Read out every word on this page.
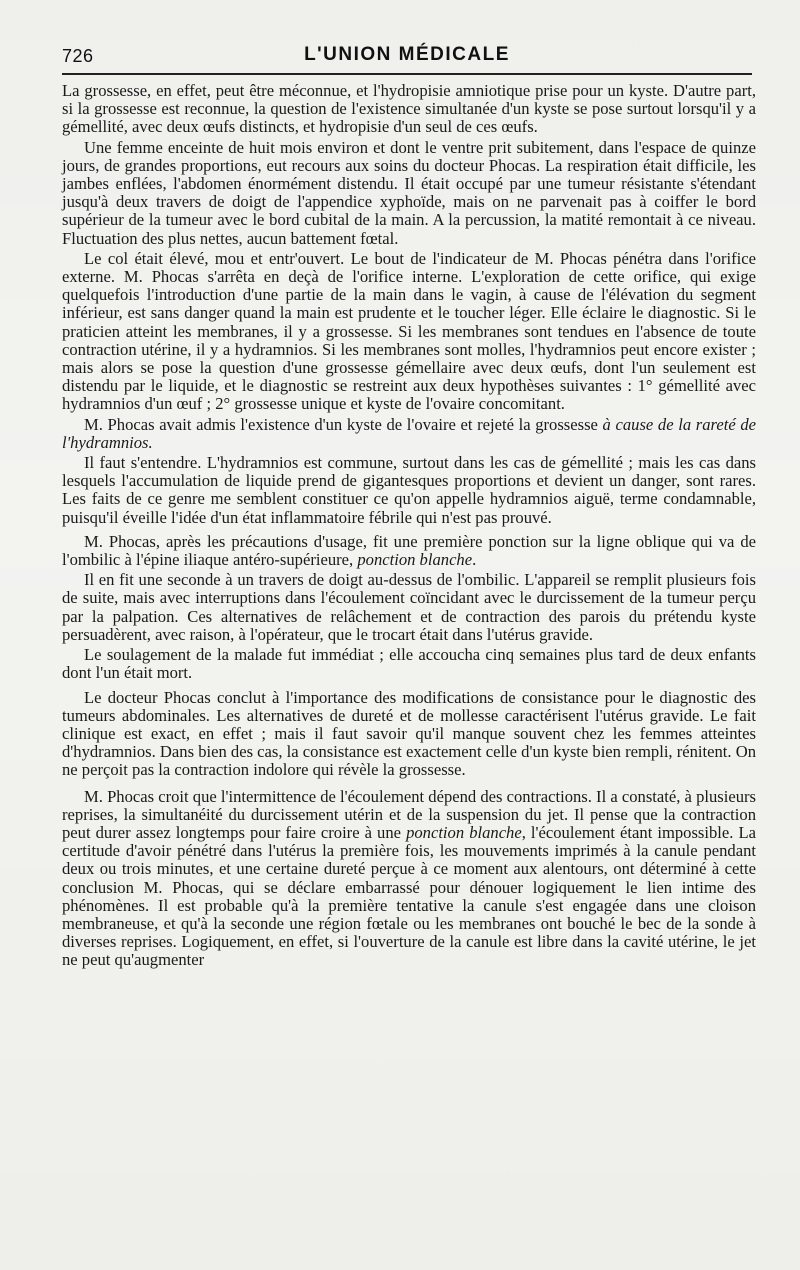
726	L'UNION MÉDICALE

La grossesse, en effet, peut être méconnue, et l'hydropisie amniotique prise pour un kyste. D'autre part, si la grossesse est reconnue, la question de l'existence simultanée d'un kyste se pose surtout lorsqu'il y a gémellité, avec deux œufs distincts, et hydropisie d'un seul de ces œufs.

Une femme enceinte de huit mois environ et dont le ventre prit subitement, dans l'espace de quinze jours, de grandes proportions, eut recours aux soins du docteur Phocas. La respiration était difficile, les jambes enflées, l'abdomen énormément distendu. Il était occupé par une tumeur résistante s'étendant jusqu'à deux travers de doigt de l'appendice xyphoïde, mais on ne parvenait pas à coiffer le bord supérieur de la tumeur avec le bord cubital de la main. A la percussion, la matité remontait à ce niveau. Fluctuation des plus nettes, aucun battement fœtal.

Le col était élevé, mou et entr'ouvert. Le bout de l'indicateur de M. Phocas pénétra dans l'orifice externe. M. Phocas s'arrêta en deçà de l'orifice interne. L'exploration de cette orifice, qui exige quelquefois l'introduction d'une partie de la main dans le vagin, à cause de l'élévation du segment inférieur, est sans danger quand la main est prudente et le toucher léger. Elle éclaire le diagnostic. Si le praticien atteint les membranes, il y a grossesse. Si les membranes sont tendues en l'absence de toute contraction utérine, il y a hydramnios. Si les membranes sont molles, l'hydramnios peut encore exister ; mais alors se pose la question d'une grossesse gémellaire avec deux œufs, dont l'un seulement est distendu par le liquide, et le diagnostic se restreint aux deux hypothèses suivantes : 1° gémellité avec hydramnios d'un œuf ; 2° grossesse unique et kyste de l'ovaire concomitant.

M. Phocas avait admis l'existence d'un kyste de l'ovaire et rejeté la grossesse à cause de la rareté de l'hydramnios.

Il faut s'entendre. L'hydramnios est commune, surtout dans les cas de gémellité ; mais les cas dans lesquels l'accumulation de liquide prend de gigantesques proportions et devient un danger, sont rares. Les faits de ce genre me semblent constituer ce qu'on appelle hydramnios aiguë, terme condamnable, puisqu'il éveille l'idée d'un état inflammatoire fébrile qui n'est pas prouvé.

M. Phocas, après les précautions d'usage, fit une première ponction sur la ligne oblique qui va de l'ombilic à l'épine iliaque antéro-supérieure, ponction blanche.

Il en fit une seconde à un travers de doigt au-dessus de l'ombilic. L'appareil se remplit plusieurs fois de suite, mais avec interruptions dans l'écoulement coïncidant avec le durcissement de la tumeur perçu par la palpation. Ces alternatives de relâchement et de contraction des parois du prétendu kyste persuadèrent, avec raison, à l'opérateur, que le trocart était dans l'utérus gravide.

Le soulagement de la malade fut immédiat ; elle accoucha cinq semaines plus tard de deux enfants dont l'un était mort.

Le docteur Phocas conclut à l'importance des modifications de consistance pour le diagnostic des tumeurs abdominales. Les alternatives de dureté et de mollesse caractérisent l'utérus gravide. Le fait clinique est exact, en effet ; mais il faut savoir qu'il manque souvent chez les femmes atteintes d'hydramnios. Dans bien des cas, la consistance est exactement celle d'un kyste bien rempli, rénitent. On ne perçoit pas la contraction indolore qui révèle la grossesse.

M. Phocas croit que l'intermittence de l'écoulement dépend des contractions. Il a constaté, à plusieurs reprises, la simultanéité du durcissement utérin et de la suspension du jet. Il pense que la contraction peut durer assez longtemps pour faire croire à une ponction blanche, l'écoulement étant impossible. La certitude d'avoir pénétré dans l'utérus la première fois, les mouvements imprimés à la canule pendant deux ou trois minutes, et une certaine dureté perçue à ce moment aux alentours, ont déterminé à cette conclusion M. Phocas, qui se déclare embarrassé pour dénouer logiquement le lien intime des phénomènes. Il est probable qu'à la première tentative la canule s'est engagée dans une cloison membraneuse, et qu'à la seconde une région fœtale ou les membranes ont bouché le bec de la sonde à diverses reprises. Logiquement, en effet, si l'ouverture de la canule est libre dans la cavité utérine, le jet ne peut qu'augmenter
